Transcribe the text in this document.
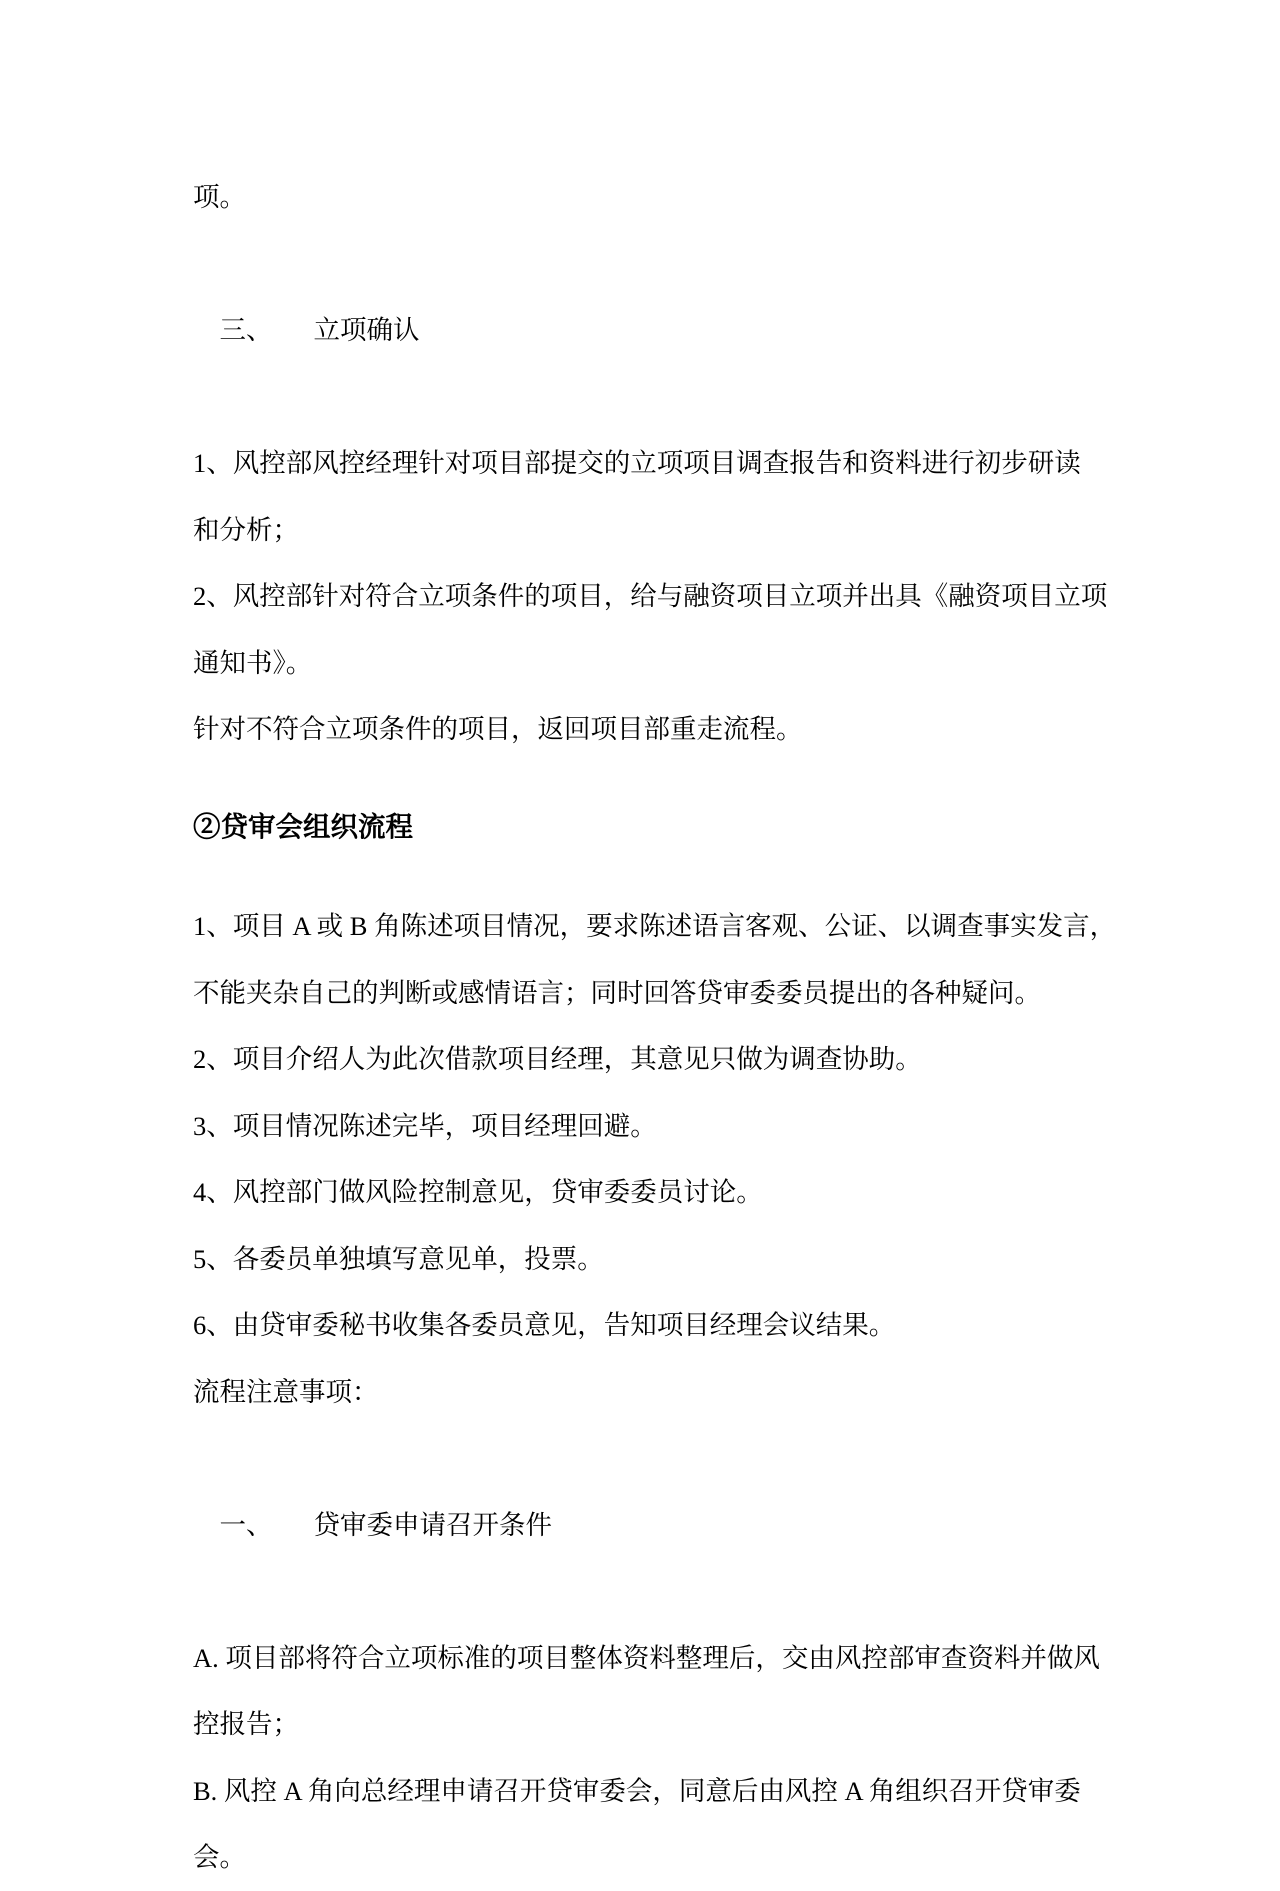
项。

三、 立项确认

1、风控部风控经理针对项目部提交的立项项目调查报告和资料进行初步研读
和分析；
2、风控部针对符合立项条件的项目，给与融资项目立项并出具《融资项目立项
通知书》。
针对不符合立项条件的项目，返回项目部重走流程。
②贷审会组织流程
1、项目 A 或 B 角陈述项目情况，要求陈述语言客观、公证、以调查事实发言，
不能夹杂自己的判断或感情语言；同时回答贷审委委员提出的各种疑问。
2、项目介绍人为此次借款项目经理，其意见只做为调查协助。
3、项目情况陈述完毕，项目经理回避。
4、风控部门做风险控制意见，贷审委委员讨论。
5、各委员单独填写意见单，投票。
6、由贷审委秘书收集各委员意见，告知项目经理会议结果。
流程注意事项：

一、 贷审委申请召开条件

A. 项目部将符合立项标准的项目整体资料整理后，交由风控部审查资料并做风
控报告；
B. 风控 A 角向总经理申请召开贷审委会，同意后由风控 A 角组织召开贷审委
会。
